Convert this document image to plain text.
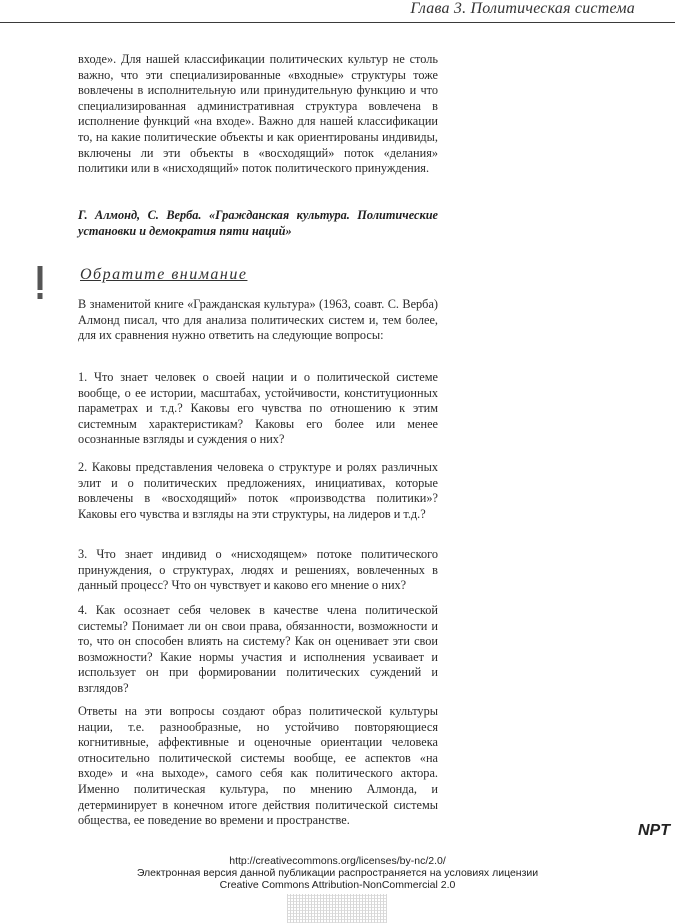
Глава 3. Политическая система
входе». Для нашей классификации политических культур не столь важно, что эти специализированные «входные» структуры тоже вовлечены в исполнительную или принудительную функцию и что специализированная административная структура вовлечена в исполнение функций «на входе». Важно для нашей классификации то, на какие политические объекты и как ориентированы индивиды, включены ли эти объекты в «восходящий» поток «делания» политики или в «нисходящий» поток политического принуждения.
Г. Алмонд, С. Верба. «Гражданская культура. Политические установки и демократия пяти наций»
Обратите внимание
В знаменитой книге «Гражданская культура» (1963, соавт. С. Верба) Алмонд писал, что для анализа политических систем и, тем более, для их сравнения нужно ответить на следующие вопросы:
1. Что знает человек о своей нации и о политической системе вообще, о ее истории, масштабах, устойчивости, конституционных параметрах и т.д.? Каковы его чувства по отношению к этим системным характеристикам? Каковы его более или менее осознанные взгляды и суждения о них?
2. Каковы представления человека о структуре и ролях различных элит и о политических предложениях, инициативах, которые вовлечены в «восходящий» поток «производства политики»? Каковы его чувства и взгляды на эти структуры, на лидеров и т.д.?
3. Что знает индивид о «нисходящем» потоке политического принуждения, о структурах, людях и решениях, вовлеченных в данный процесс? Что он чувствует и каково его мнение о них?
4. Как осознает себя человек в качестве члена политической системы? Понимает ли он свои права, обязанности, возможности и то, что он способен влиять на систему? Как он оценивает эти свои возможности? Какие нормы участия и исполнения усваивает и использует он при формировании политических суждений и взглядов?
Ответы на эти вопросы создают образ политической культуры нации, т.е. разнообразные, но устойчиво повторяющиеся когнитивные, аффективные и оценочные ориентации человека относительно политической системы вообще, ее аспектов «на входе» и «на выходе», самого себя как политического актора. Именно политическая культура, по мнению Алмонда, и детерминирует в конечном итоге действия политической системы общества, ее поведение во времени и пространстве.
NPT
http://creativecommons.org/licenses/by-nc/2.0/
Электронная версия данной публикации распространяется на условиях лицензии
Creative Commons Attribution-NonCommercial 2.0
